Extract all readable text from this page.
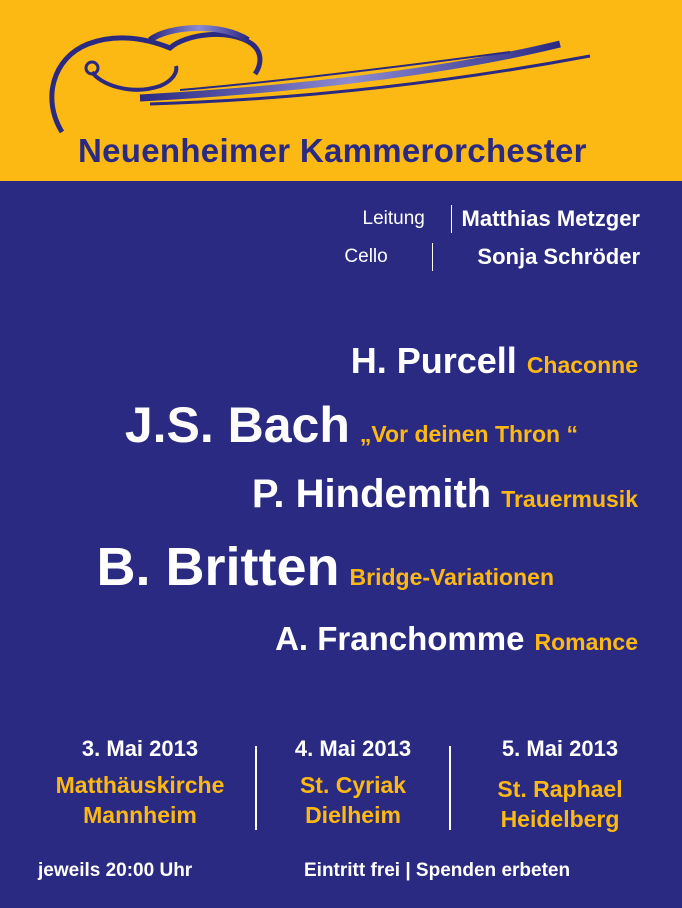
Neuenheimer Kammerorchester
Leitung	Matthias Metzger
Cello	Sonja Schröder
H. Purcell Chaconne
J.S. Bach „Vor deinen Thron “
P. Hindemith Trauermusik
B. Britten Bridge-Variationen
A. Franchomme Romance
3. Mai 2013
Matthäuskirche
Mannheim
4. Mai 2013
St. Cyriak
Dielheim
5. Mai 2013
St. Raphael
Heidelberg
jeweils 20:00 Uhr	Eintritt frei | Spenden erbeten
